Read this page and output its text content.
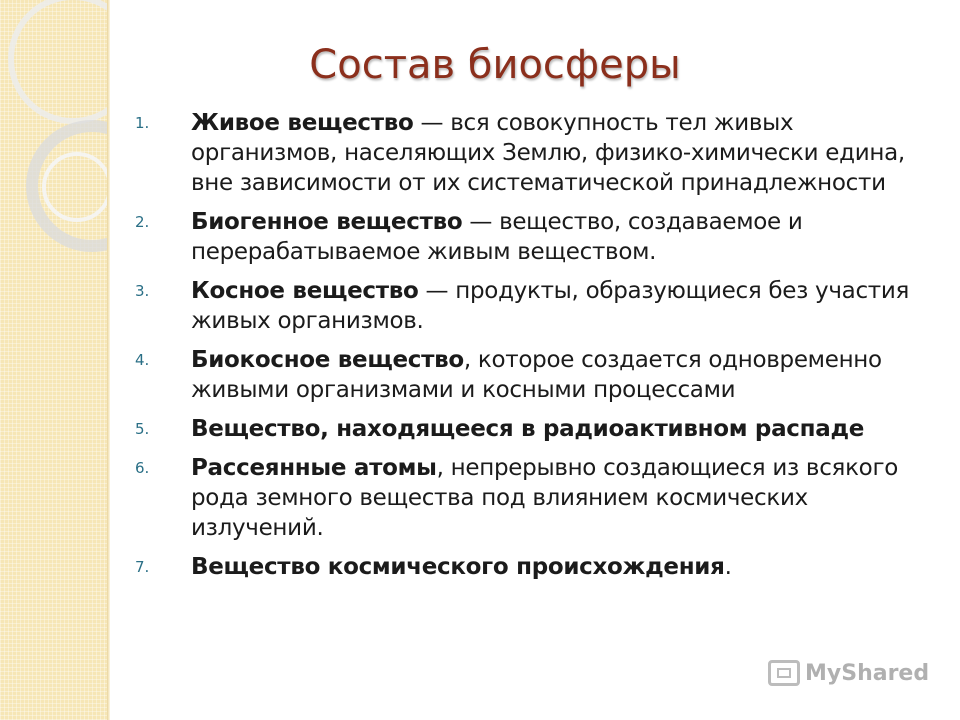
Состав биосферы
1.	Живое вещество — вся совокупность тел живых организмов, населяющих Землю, физико-химически едина, вне зависимости от их систематической принадлежности
2.	Биогенное вещество — вещество, создаваемое и перерабатываемое живым веществом.
3.	Косное вещество — продукты, образующиеся без участия живых организмов.
4.	Биокосное вещество, которое создается одновременно живыми организмами и косными процессами
5.	Вещество, находящееся в радиоактивном распаде
6.	Рассеянные атомы, непрерывно создающиеся из всякого рода земного вещества под влиянием космических излучений.
7.	Вещество космического происхождения.
MyShared
